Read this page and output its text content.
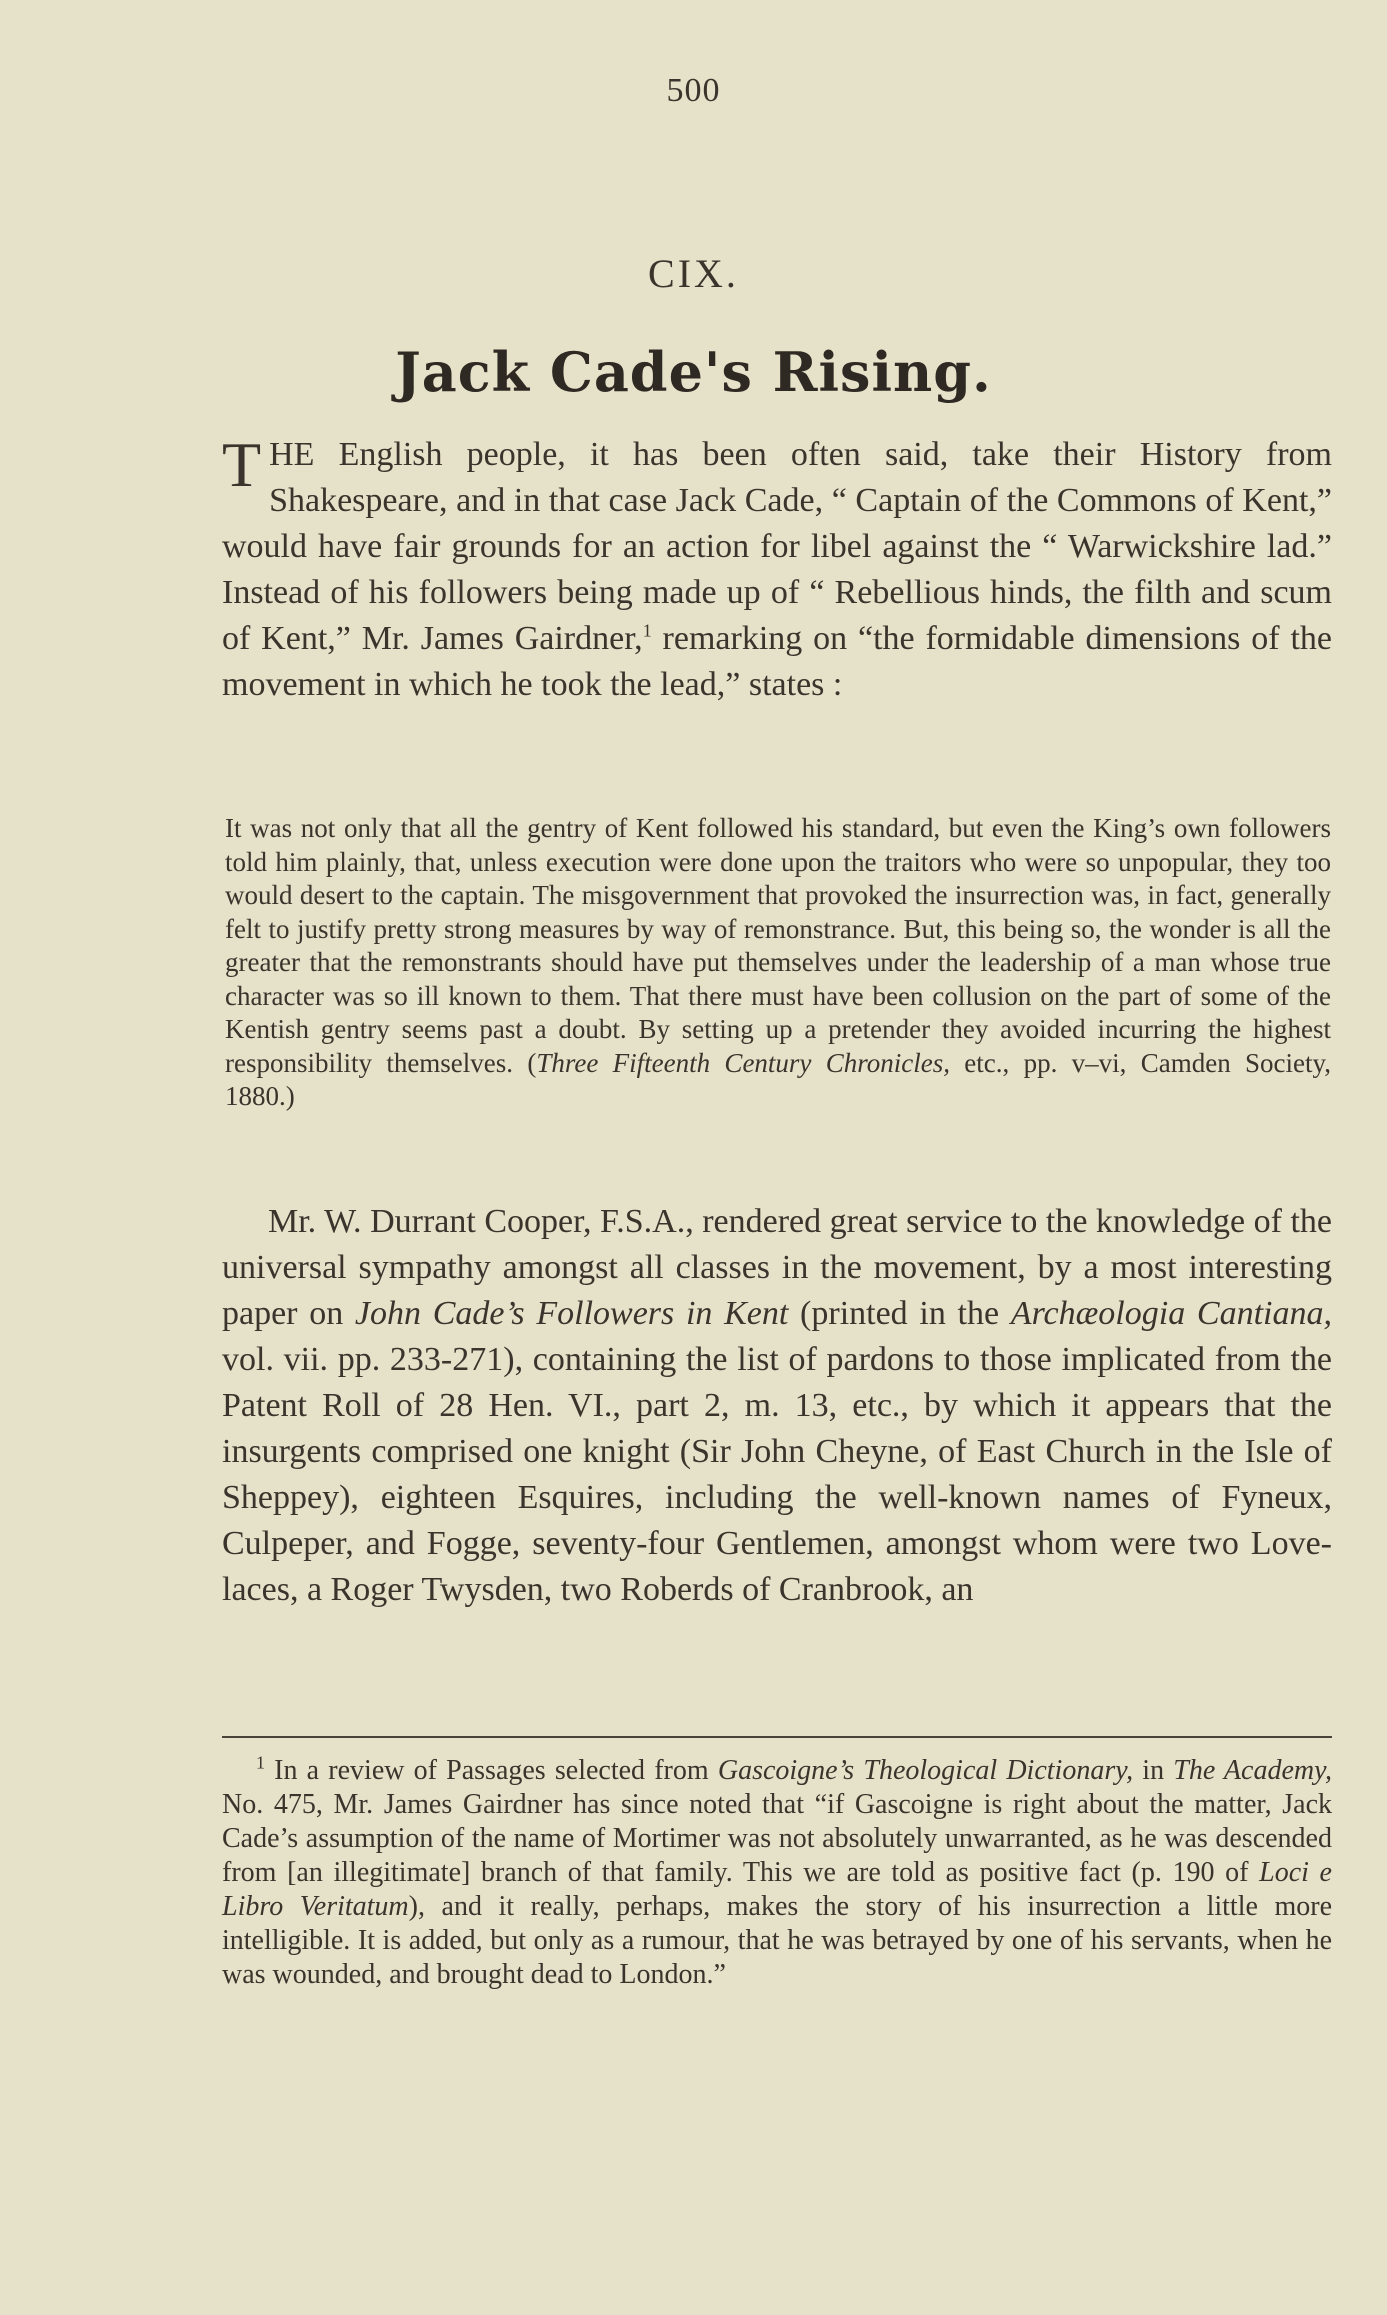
500
CIX.
Jack Cade's Rising.
THE English people, it has been often said, take their History from Shakespeare, and in that case Jack Cade, “ Captain of the Commons of Kent,” would have fair grounds for an action for libel against the “ Warwickshire lad.” Instead of his followers being made up of “ Rebellious hinds, the filth and scum of Kent,” Mr. James Gairdner,$^1$ remarking on “the formidable dimensions of the movement in which he took the lead,” states :
It was not only that all the gentry of Kent followed his standard, but even the King’s own followers told him plainly, that, unless execution were done upon the traitors who were so unpopular, they too would desert to the captain. The misgovernment that provoked the insurrection was, in fact, generally felt to justify pretty strong measures by way of remonstrance. But, this being so, the wonder is all the greater that the remonstrants should have put themselves under the leadership of a man whose true character was so ill known to them. That there must have been collusion on the part of some of the Kentish gentry seems past a doubt. By setting up a pretender they avoided incurring the highest responsibility themselves. (Three Fifteenth Century Chronicles, etc., pp. v–vi, Camden Society, 1880.)
Mr. W. Durrant Cooper, F.S.A., rendered great service to the knowledge of the universal sympathy amongst all classes in the movement, by a most interesting paper on John Cade’s Followers in Kent (printed in the Archæologia Cantiana, vol. vii. pp. 233-271), containing the list of pardons to those implicated from the Patent Roll of 28 Hen. VI., part 2, m. 13, etc., by which it appears that the insurgents comprised one knight (Sir John Cheyne, of East Church in the Isle of Sheppey), eighteen Esquires, including the well-known names of Fyneux, Culpeper, and Fogge, seventy-four Gentlemen, amongst whom were two Love-laces, a Roger Twysden, two Roberds of Cranbrook, an
$^1$ In a review of Passages selected from Gascoigne’s Theological Dictionary, in The Academy, No. 475, Mr. James Gairdner has since noted that “if Gascoigne is right about the matter, Jack Cade’s assumption of the name of Mortimer was not absolutely unwarranted, as he was descended from [an illegitimate] branch of that family. This we are told as positive fact (p. 190 of Loci e Libro Veritatum), and it really, perhaps, makes the story of his insurrection a little more intelligible. It is added, but only as a rumour, that he was betrayed by one of his servants, when he was wounded, and brought dead to London.”
